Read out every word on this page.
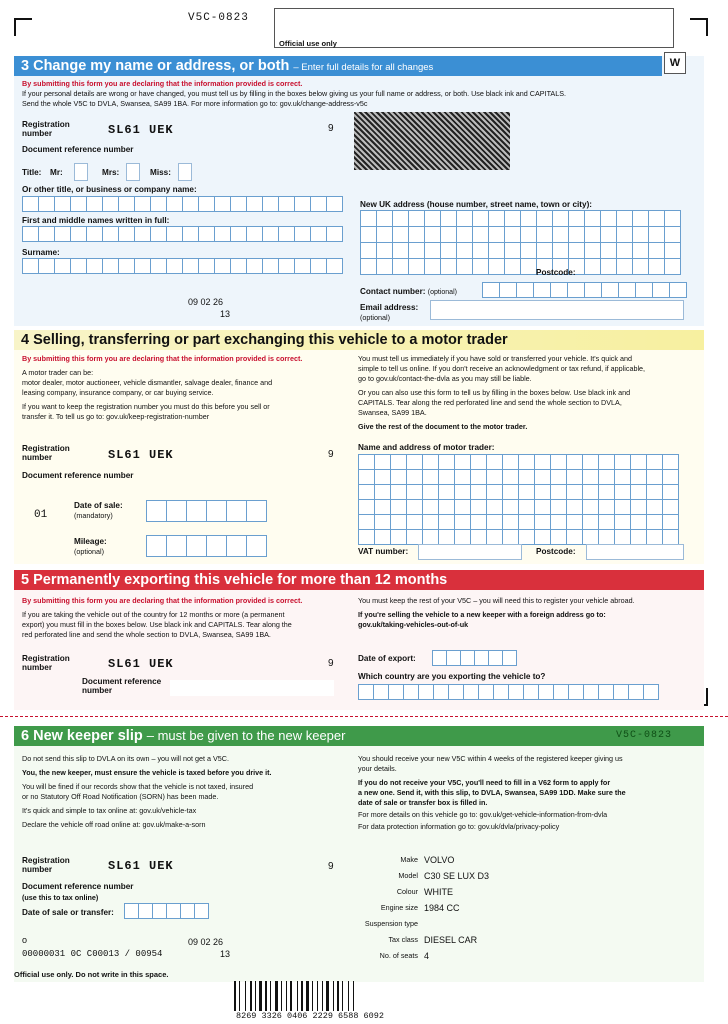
V5C-0823
Official use only
3 Change my name or address, or both – Enter full details for all changes	W
By submitting this form you are declaring that the information provided is correct.
If your personal details are wrong or have changed, you must tell us by filling in the boxes below giving us your full name or address, or both. Use black ink and CAPITALS.
Send the whole V5C to DVLA, Swansea, SA99 1BA. For more information go to: gov.uk/change-address-v5c
Registration number	SL61 UEK	9
Document reference number
Title: Mr:	Mrs:	Miss:
Or other title, or business or company name:
First and middle names written in full:
Surname:
New UK address (house number, street name, town or city):
Postcode:
Contact number: (optional)
Email address:
(optional)
09 02 26
13
4 Selling, transferring or part exchanging this vehicle to a motor trader
By submitting this form you are declaring that the information provided is correct.
A motor trader can be:
motor dealer, motor auctioneer, vehicle dismantler, salvage dealer, finance and
leasing company, insurance company, or car buying service.
If you want to keep the registration number you must do this before you sell or
transfer it. To tell us go to: gov.uk/keep-registration-number
You must tell us immediately if you have sold or transferred your vehicle. It's quick and
simple to tell us online. If you don't receive an acknowledgment or tax refund, if applicable,
go to gov.uk/contact-the-dvla as you may still be liable.
Or you can also use this form to tell us by filling in the boxes below. Use black ink and
CAPITALS. Tear along the red perforated line and send the whole section to DVLA,
Swansea, SA99 1BA.
Give the rest of the document to the motor trader.
Registration number	SL61 UEK	9
Document reference number
01
Date of sale:
(mandatory)
Mileage:
(optional)
Name and address of motor trader:
VAT number:	Postcode:
5 Permanently exporting this vehicle for more than 12 months
By submitting this form you are declaring that the information provided is correct.
If you are taking the vehicle out of the country for 12 months or more (a permanent
export) you must fill in the boxes below. Use black ink and CAPITALS. Tear along the
red perforated line and send the whole section to DVLA, Swansea, SA99 1BA.
You must keep the rest of your V5C – you will need this to register your vehicle abroad.
If you're selling the vehicle to a new keeper with a foreign address go to:
gov.uk/taking-vehicles-out-of-uk
Registration number	SL61 UEK	9
Document reference number
Date of export:
Which country are you exporting the vehicle to?
6 New keeper slip – must be given to the new keeper	V5C-0823
Do not send this slip to DVLA on its own – you will not get a V5C.
You, the new keeper, must ensure the vehicle is taxed before you drive it.
You will be fined if our records show that the vehicle is not taxed, insured
or no Statutory Off Road Notification (SORN) has been made.
It's quick and simple to tax online at: gov.uk/vehicle-tax
Declare the vehicle off road online at: gov.uk/make-a-sorn
You should receive your new V5C within 4 weeks of the registered keeper giving us
your details.
If you do not receive your V5C, you'll need to fill in a V62 form to apply for
a new one. Send it, with this slip, to DVLA, Swansea, SA99 1DD. Make sure the
date of sale or transfer box is filled in.
For more details on this vehicle go to: gov.uk/get-vehicle-information-from-dvla
For data protection information go to: gov.uk/dvla/privacy-policy
Registration number	SL61 UEK	9
Document reference number
(use this to tax online)
Date of sale or transfer:
o
00000031 0C C00013 / 00954
09 02 26
13
Official use only. Do not write in this space.
Make VOLVO
Model C30 SE LUX D3
Colour WHITE
Engine size 1984 CC
Suspension type
Tax class DIESEL CAR
No. of seats 4
8269 3326 0406 2229 6588 6092
